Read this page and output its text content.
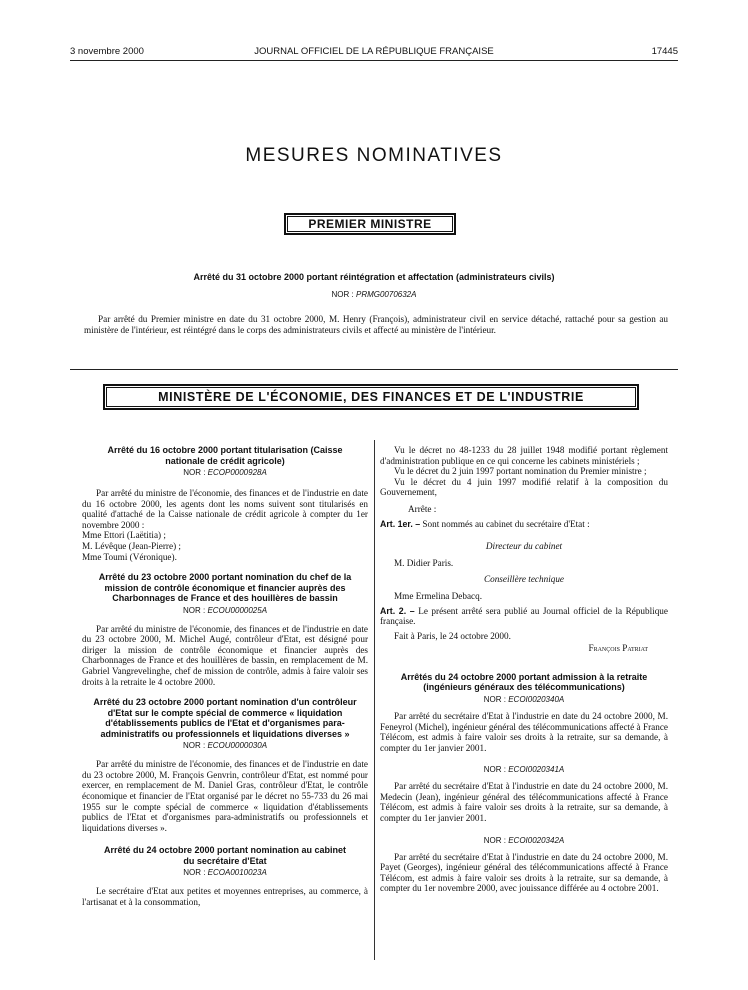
3 novembre 2000	JOURNAL OFFICIEL DE LA RÉPUBLIQUE FRANÇAISE	17445
MESURES NOMINATIVES
PREMIER MINISTRE
Arrêté du 31 octobre 2000 portant réintégration et affectation (administrateurs civils)
NOR : PRMG0070632A
Par arrêté du Premier ministre en date du 31 octobre 2000, M. Henry (François), administrateur civil en service détaché, rattaché pour sa gestion au ministère de l'intérieur, est réintégré dans le corps des administrateurs civils et affecté au ministère de l'intérieur.
MINISTÈRE DE L'ÉCONOMIE, DES FINANCES ET DE L'INDUSTRIE
Arrêté du 16 octobre 2000 portant titularisation (Caisse nationale de crédit agricole)
NOR : ECOP0000928A
Par arrêté du ministre de l'économie, des finances et de l'industrie en date du 16 octobre 2000, les agents dont les noms suivent sont titularisés en qualité d'attaché de la Caisse nationale de crédit agricole à compter du 1er novembre 2000 :
Mme Ettori (Laëtitia) ;
M. Lévêque (Jean-Pierre) ;
Mme Toumi (Véronique).
Arrêté du 23 octobre 2000 portant nomination du chef de la mission de contrôle économique et financier auprès des Charbonnages de France et des houillères de bassin
NOR : ECOU0000025A
Par arrêté du ministre de l'économie, des finances et de l'industrie en date du 23 octobre 2000, M. Michel Augé, contrôleur d'Etat, est désigné pour diriger la mission de contrôle économique et financier auprès des Charbonnages de France et des houillères de bassin, en remplacement de M. Gabriel Vangrevelinghe, chef de mission de contrôle, admis à faire valoir ses droits à la retraite le 4 octobre 2000.
Arrêté du 23 octobre 2000 portant nomination d'un contrôleur d'Etat sur le compte spécial de commerce « liquidation d'établissements publics de l'Etat et d'organismes para-administratifs ou professionnels et liquidations diverses »
NOR : ECOU0000030A
Par arrêté du ministre de l'économie, des finances et de l'industrie en date du 23 octobre 2000, M. François Genvrin, contrôleur d'Etat, est nommé pour exercer, en remplacement de M. Daniel Gras, contrôleur d'Etat, le contrôle économique et financier de l'Etat organisé par le décret no 55-733 du 26 mai 1955 sur le compte spécial de commerce « liquidation d'établissements publics de l'Etat et d'organismes para-administratifs ou professionnels et liquidations diverses ».
Arrêté du 24 octobre 2000 portant nomination au cabinet du secrétaire d'Etat
NOR : ECOA0010023A
Le secrétaire d'Etat aux petites et moyennes entreprises, au commerce, à l'artisanat et à la consommation,
Vu le décret no 48-1233 du 28 juillet 1948 modifié portant règlement d'administration publique en ce qui concerne les cabinets ministériels ;
Vu le décret du 2 juin 1997 portant nomination du Premier ministre ;
Vu le décret du 4 juin 1997 modifié relatif à la composition du Gouvernement,
Arrête :
Art. 1er. – Sont nommés au cabinet du secrétaire d'Etat :
Directeur du cabinet
M. Didier Paris.
Conseillère technique
Mme Ermelina Debacq.
Art. 2. – Le présent arrêté sera publié au Journal officiel de la République française.
Fait à Paris, le 24 octobre 2000.
François Patriat
Arrêtés du 24 octobre 2000 portant admission à la retraite (ingénieurs généraux des télécommunications)
NOR : ECOI0020340A
Par arrêté du secrétaire d'Etat à l'industrie en date du 24 octobre 2000, M. Feneyrol (Michel), ingénieur général des télécommunications affecté à France Télécom, est admis à faire valoir ses droits à la retraite, sur sa demande, à compter du 1er janvier 2001.
NOR : ECOI0020341A
Par arrêté du secrétaire d'Etat à l'industrie en date du 24 octobre 2000, M. Medecin (Jean), ingénieur général des télécommunications affecté à France Télécom, est admis à faire valoir ses droits à la retraite, sur sa demande, à compter du 1er janvier 2001.
NOR : ECOI0020342A
Par arrêté du secrétaire d'Etat à l'industrie en date du 24 octobre 2000, M. Payet (Georges), ingénieur général des télécommunications affecté à France Télécom, est admis à faire valoir ses droits à la retraite, sur sa demande, à compter du 1er novembre 2000, avec jouissance différée au 4 octobre 2001.
